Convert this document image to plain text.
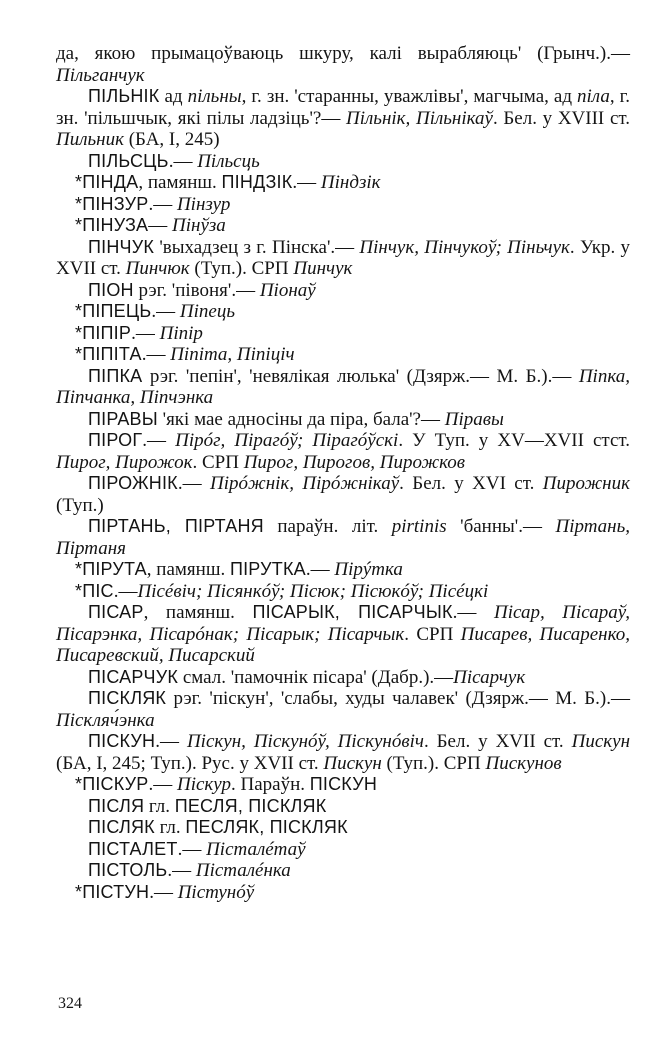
да, якою прымацоўваюць шкуру, калі вырабляюць' (Грынч.).— Пільганчук

ПІЛЬНІК ад пільны, г. зн. 'старанны, уважлівы', магчыма, ад піла, г. зн. 'пільшчык, які пілы ладзіць'?— Пільнік, Пільнікаў. Бел. у XVIII ст. Пильник (БА, I, 245)

ПІЛЬСЦЬ.— Пільсць

*ПІНДА, памянш. ПІНДЗІК.— Піндзік

*ПІНЗУР.— Пінзур

*ПІНУЗА— Пінўза

ПІНЧУК 'выхадзец з г. Пінска'.— Пінчук, Пінчукоў; Піньчук. Укр. у XVII ст. Пинчюк (Туп.). СРП Пинчук

ПІОН рэг. 'півоня'.— Пiонаў

*ПІПЕЦЬ.— Піпець

*ПІПІР.— Піпір

*ПІПІТА.— Піпіта, Піпіціч

ПІПКА рэг. 'пепін', 'невялікая люлька' (Дзярж.— М. Б.).— Піпка, Піпчанка, Піпчэнка

ПІРАВЫ 'які мае адносіны да піра, бала'?— Піравы

ПІРОГ.— Пірóг, Пірагóў; Пірагóўскі. У Туп. у XV—XVII стст. Пирог, Пирожок. СРП Пирог, Пирогов, Пирожков

ПІРОЖНІК.— Пірóжнік, Пірóжнікаў. Бел. у XVI ст. Пирожник (Туп.)

ПІРТАНЬ, ПІРТАНЯ параўн. літ. pirtinis 'банны'.— Піртань, Піртаня

*ПІРУТА, памянш. ПІРУТКА.— Пірýтка

*ПІС.—Пісéвіч; Пісянкóў; Пісюк; Пісюкóў; Пісéцкі

ПІСАР, памянш. ПІСАРЫК, ПІСАРЧЫК.— Пісар, Пісараў, Пісарэнка, Пісарóнак; Пісарык; Пісарчык. СРП Писарев, Писаренко, Писаревский, Писарский

ПІСАРЧУК смал. 'памочнік пісара' (Дабр.).—Пісарчук

ПІСКЛЯК рэг. 'піскун', 'слабы, худы чалавек' (Дзярж.— М. Б.).— Піскляч́энка

ПІСКУН.— Піскун, Піскунóў, Піскунóвіч. Бел. у XVII ст. Пискун (БА, I, 245; Туп.). Рус. у XVII ст. Пискун (Туп.). СРП Пискунов

*ПІСКУР.— Піскур. Параўн. ПІСКУН

ПІСЛЯ гл. ПЕСЛЯ, ПІСКЛЯК

ПІСЛЯК гл. ПЕСЛЯК, ПІСКЛЯК

ПІСТАЛЕТ.— Пісталéтаў

ПІСТОЛЬ.— Пісталéнка

*ПІСТУН.— Пістунóў

324
